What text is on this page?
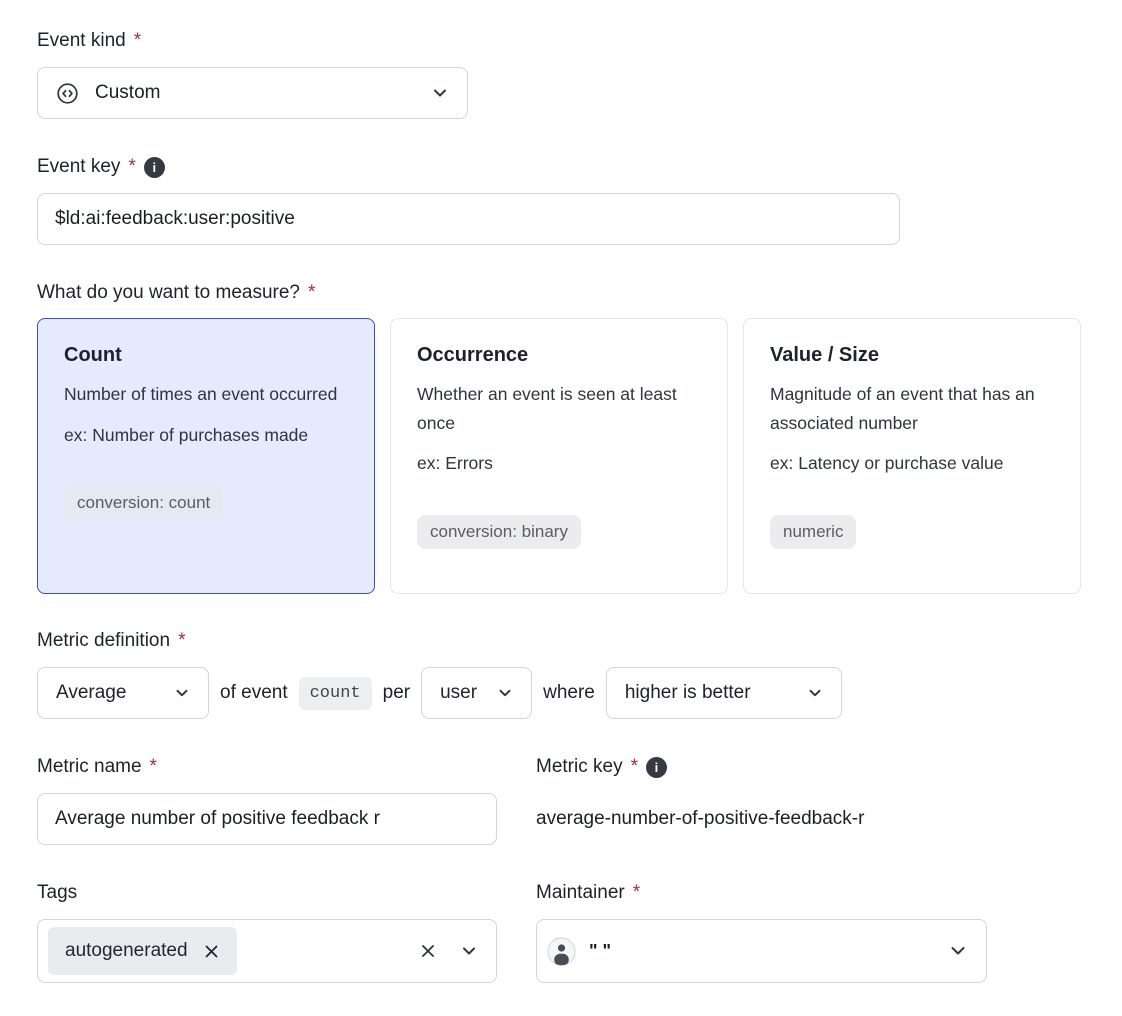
Event kind *
Custom
Event key *	i
$ld:ai:feedback:user:positive
What do you want to measure? *
Count
Number of times an event occurred
ex: Number of purchases made
conversion: count
Occurrence
Whether an event is seen at least once
ex: Errors
conversion: binary
Value / Size
Magnitude of an event that has an associated number
ex: Latency or purchase value
numeric
Metric definition *
Average	of event	count	per user	where higher is better
Metric name *
Average number of positive feedback r	Metric key *	i
average-number-of-positive-feedback-r
Tags
autogenerated
Maintainer *
" "
